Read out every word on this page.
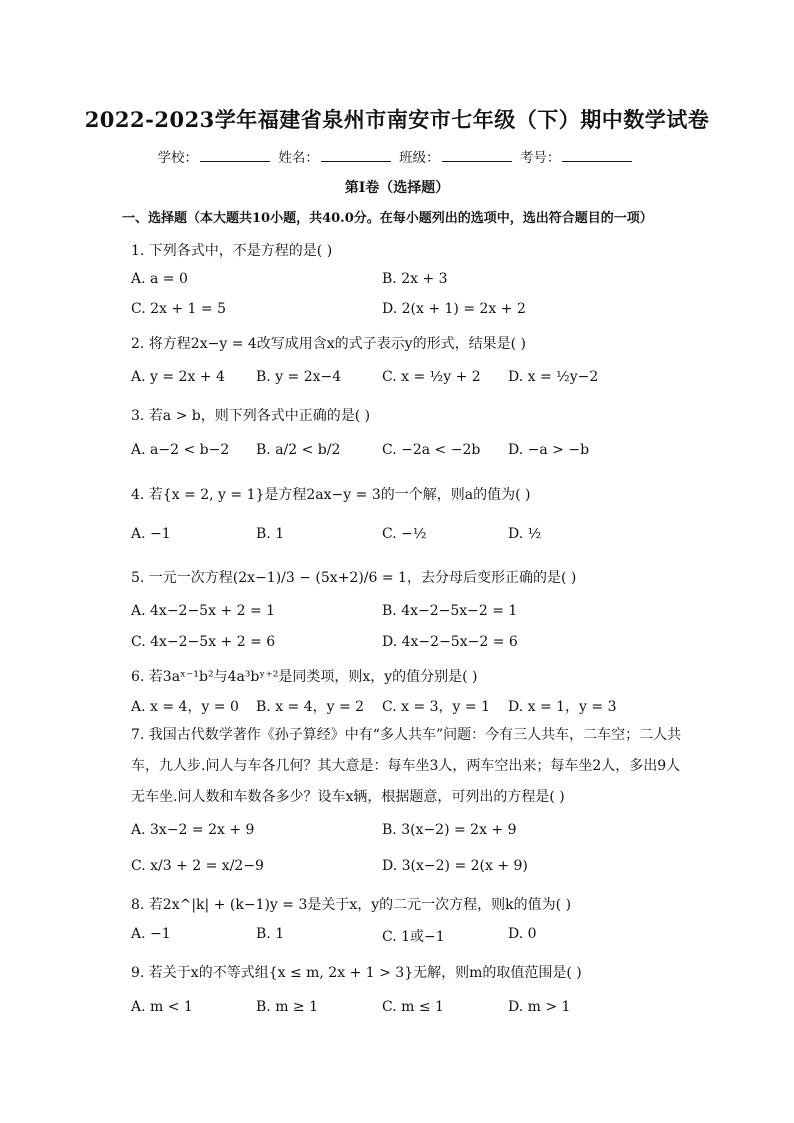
2022-2023学年福建省泉州市南安市七年级（下）期中数学试卷
学校：	姓名：	班级：	考号：
第Ⅰ卷（选择题）
一、选择题（本大题共10小题，共40.0分。在每小题列出的选项中，选出符合题目的一项）
1. 下列各式中，不是方程的是( )
A. a = 0	B. 2x + 3
C. 2x + 1 = 5	D. 2(x + 1) = 2x + 2
2. 将方程2x−y = 4改写成用含x的式子表示y的形式，结果是( )
A. y = 2x + 4 B. y = 2x−4	C. x = ½y + 2 D. x = ½y−2
3. 若a > b，则下列各式中正确的是( )
A. a−2 < b−2 B. a/2 < b/2	C. −2a < −2b D. −a > −b
4. 若{x = 2, y = 1}是方程2ax−y = 3的一个解，则a的值为( )
A. −1	B. 1	C. −½	D. ½
5. 一元一次方程(2x−1)/3 − (5x+2)/6 = 1，去分母后变形正确的是( )
A. 4x−2−5x + 2 = 1	B. 4x−2−5x−2 = 1
C. 4x−2−5x + 2 = 6	D. 4x−2−5x−2 = 6
6. 若3aˣ⁻¹b²与4a³bʸ⁺²是同类项，则x，y的值分别是( )
A. x = 4，y = 0 B. x = 4，y = 2 C. x = 3，y = 1 D. x = 1，y = 3
7. 我国古代数学著作《孙子算经》中有“多人共车”问题：今有三人共车，二车空；二人共车，九人步.问人与车各几何？其大意是：每车坐3人，两车空出来；每车坐2人，多出9人无车坐.问人数和车数各多少？设车x辆，根据题意，可列出的方程是( )
A. 3x−2 = 2x + 9	B. 3(x−2) = 2x + 9
C. x/3 + 2 = x/2−9	D. 3(x−2) = 2(x + 9)
8. 若2x^|k| + (k−1)y = 3是关于x，y的二元一次方程，则k的值为( )
A. −1	B. 1	C. 1或−1	D. 0
9. 若关于x的不等式组{x ≤ m, 2x + 1 > 3}无解，则m的取值范围是( )
A. m < 1	B. m ≥ 1	C. m ≤ 1	D. m > 1
